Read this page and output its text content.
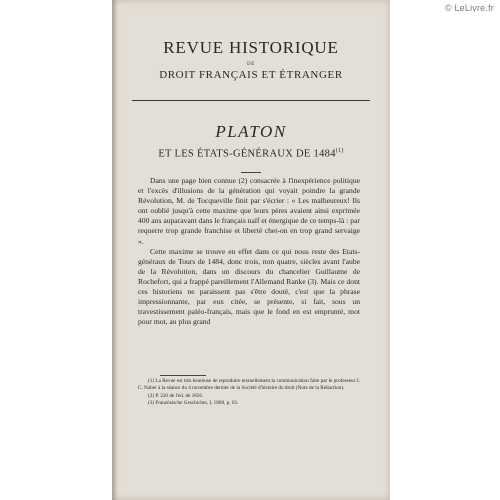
© LeLivre.fr
REVUE HISTORIQUE
DE
DROIT FRANÇAIS ET ÉTRANGER
PLATON
ET LES ÉTATS-GÉNÉRAUX DE 1484$^{(1)}$

Dans une page bien connue (2) consacrée à l'inexpérience politique et l'excès d'illusions de la génération qui voyait poindre la grande Révolution, M. de Tocqueville finit par s'écrier : « Les malheureux! Ils ont oublié jusqu'à cette maxime que leurs pères avaient ainsi exprimée 400 ans auparavant dans le français naïf et énergique de ce temps-là : par requerre trop grande franchise et liberté chet-on en trop grand servaige ».

Cette maxime se trouve en effet dans ce qui nous reste des Etats-généraux de Tours de 1484, donc trois, non quatre, siècles avant l'aube de la Révolution, dans un discours du chancelier Guillaume de Rochefort, qui a frappé pareillement l'Allemand Ranke (3). Mais ce dont ces historiens ne paraissent pas s'être douté, c'est que la phrase impressionnante, par eux citée, se présente, si fait, sous un travestissement paléo-français, mais que le fond en est emprunté, mot pour mot, au plus grand

(1) La Revue est très heureuse de reproduire textuellement la communication faite par le professeur J. C. Naber à la séance du 4 novembre dernier de la Société d'histoire du droit (Note de la Rédaction).

(2) P. 220 de l'éd. de 1856.

(3) Französische Geschichte, I, 1868, p. 63.
